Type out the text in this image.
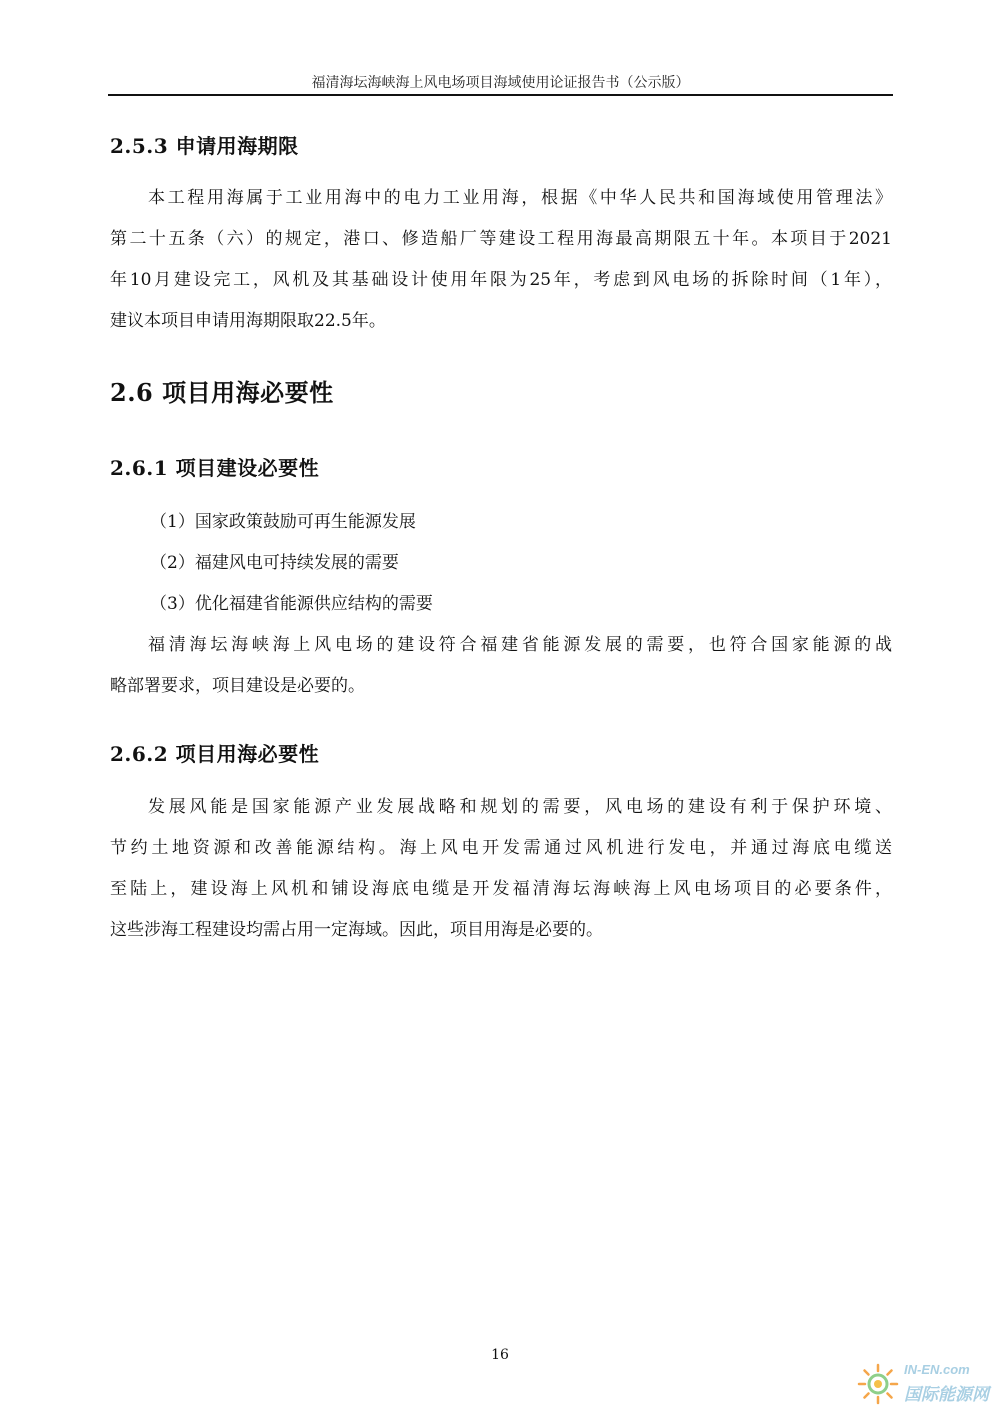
福清海坛海峡海上风电场项目海域使用论证报告书（公示版）
2.5.3 申请用海期限
本工程用海属于工业用海中的电力工业用海，根据《中华人民共和国海域使用管理法》
第二十五条（六）的规定，港口、修造船厂等建设工程用海最高期限五十年。本项目于2021
年10月建设完工，风机及其基础设计使用年限为25年，考虑到风电场的拆除时间（1年），
建议本项目申请用海期限取22.5年。
2.6 项目用海必要性
2.6.1 项目建设必要性
（1）国家政策鼓励可再生能源发展
（2）福建风电可持续发展的需要
（3）优化福建省能源供应结构的需要
福清海坛海峡海上风电场的建设符合福建省能源发展的需要，也符合国家能源的战
略部署要求，项目建设是必要的。
2.6.2 项目用海必要性
发展风能是国家能源产业发展战略和规划的需要，风电场的建设有利于保护环境、
节约土地资源和改善能源结构。海上风电开发需通过风机进行发电，并通过海底电缆送
至陆上，建设海上风机和铺设海底电缆是开发福清海坛海峡海上风电场项目的必要条件，
这些涉海工程建设均需占用一定海域。因此，项目用海是必要的。
16
IN-EN.com
国际能源网
